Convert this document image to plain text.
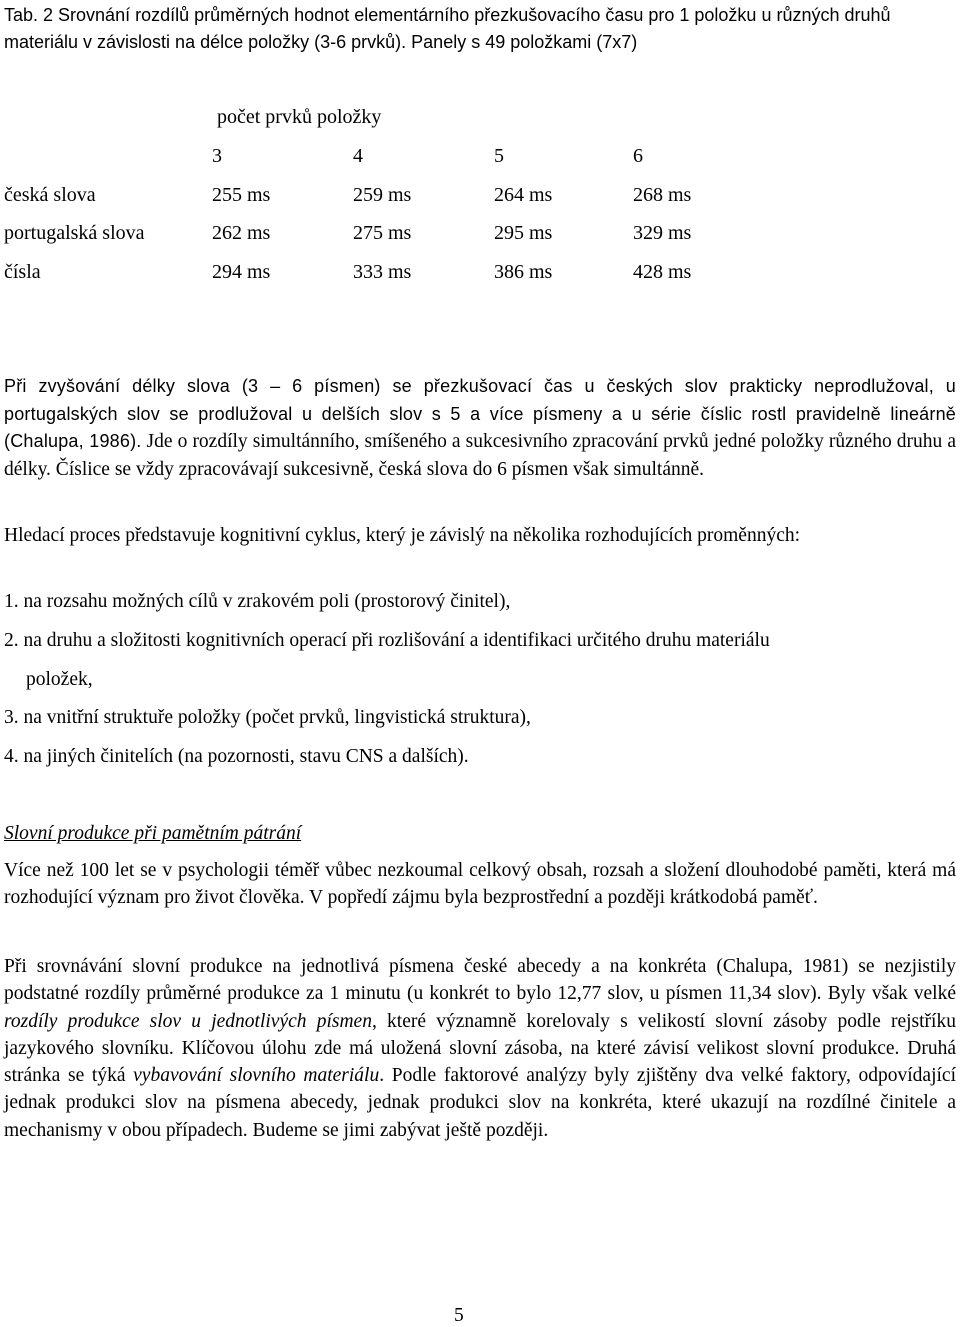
Tab. 2 Srovnání rozdílů průměrných hodnot elementárního přezkušovacího času pro 1 položku u různých druhů materiálu v závislosti na délce položky (3-6 prvků). Panely s 49 položkami (7x7)

počet prvků položky
3	4	5	6
česká slova	255 ms	259 ms	264 ms	268 ms
portugalská slova	262 ms	275 ms	295 ms	329 ms
čísla	294 ms	333 ms	386 ms	428 ms

Při zvyšování délky slova (3 – 6 písmen) se přezkušovací čas u českých slov prakticky neprodlužoval, u portugalských slov se prodlužoval u delších slov s 5 a více písmeny a u série číslic rostl pravidelně lineárně (Chalupa, 1986). Jde o rozdíly simultánního, smíšeného a sukcesivního zpracování prvků jedné položky různého druhu a délky. Číslice se vždy zpracovávají sukcesivně, česká slova do 6 písmen však simultánně.

Hledací proces představuje kognitivní cyklus, který je závislý na několika rozhodujících proměnných:

1. na rozsahu možných cílů v zrakovém poli (prostorový činitel),

2. na druhu a složitosti kognitivních operací při rozlišování a identifikaci určitého druhu materiálu

položek,

3. na vnitřní struktuře položky (počet prvků, lingvistická struktura),

4. na jiných činitelích (na pozornosti, stavu CNS a dalších).

Slovní produkce při pamětním pátrání

Více než 100 let se v psychologii téměř vůbec nezkoumal celkový obsah, rozsah a složení dlouhodobé paměti, která má rozhodující význam pro život člověka. V popředí zájmu byla bezprostřední a později krátkodobá paměť.

Při srovnávání slovní produkce na jednotlivá písmena české abecedy a na konkréta (Chalupa, 1981) se nezjistily podstatné rozdíly průměrné produkce za 1 minutu (u konkrét to bylo 12,77 slov, u písmen 11,34 slov). Byly však velké rozdíly produkce slov u jednotlivých písmen, které významně korelovaly s velikostí slovní zásoby podle rejstříku jazykového slovníku. Klíčovou úlohu zde má uložená slovní zásoba, na které závisí velikost slovní produkce. Druhá stránka se týká vybavování slovního materiálu. Podle faktorové analýzy byly zjištěny dva velké faktory, odpovídající jednak produkci slov na písmena abecedy, jednak produkci slov na konkréta, které ukazují na rozdílné činitele a mechanismy v obou případech. Budeme se jimi zabývat ještě později.

5
